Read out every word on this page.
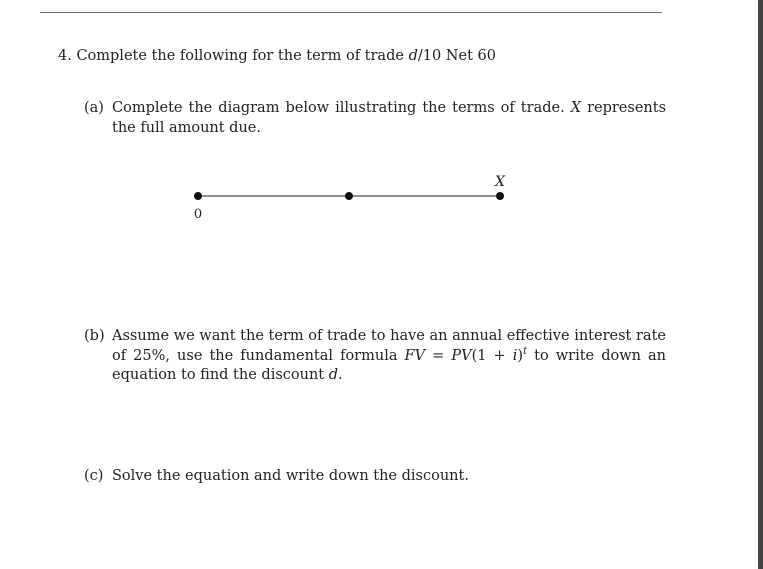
4. Complete the following for the term of trade d/10 Net 60
(a) Complete the diagram below illustrating the terms of trade. X represents the full amount due.
0
X
(b) Assume we want the term of trade to have an annual effective interest rate of 25%, use the fundamental formula FV = $PV(1 + i)^t$ to write down an equation to find the discount d.
(c) Solve the equation and write down the discount.
